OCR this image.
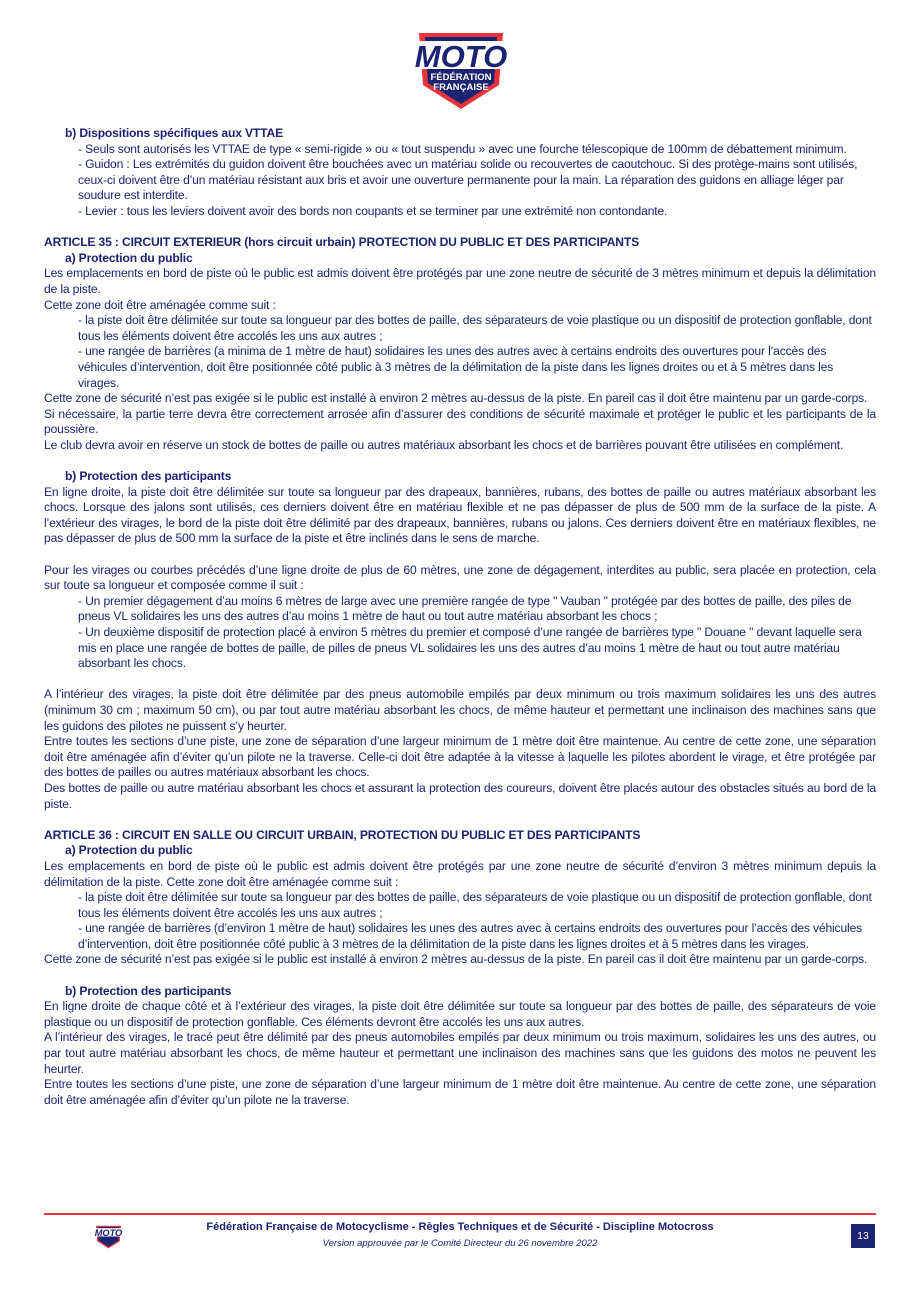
MOTO
FÉDÉRATION
FRANÇAISE

b) Dispositions spécifiques aux VTTAE

- Seuls sont autorisés les VTTAE de type « semi-rigide » ou « tout suspendu » avec une fourche télescopique de 100mm de débattement minimum.

- Guidon : Les extrémités du guidon doivent être bouchées avec un matériau solide ou recouvertes de caoutchouc. Si des protège-mains sont utilisés, ceux-ci doivent être d’un matériau résistant aux bris et avoir une ouverture permanente pour la main. La réparation des guidons en alliage léger par soudure est interdite.

- Levier : tous les leviers doivent avoir des bords non coupants et se terminer par une extrémité non contondante.

ARTICLE 35 : CIRCUIT EXTERIEUR (hors circuit urbain) PROTECTION DU PUBLIC ET DES PARTICIPANTS

a) Protection du public

Les emplacements en bord de piste où le public est admis doivent être protégés par une zone neutre de sécurité de 3 mètres minimum et depuis la délimitation de la piste.

Cette zone doit être aménagée comme suit :

- la piste doit être délimitée sur toute sa longueur par des bottes de paille, des séparateurs de voie plastique ou un dispositif de protection gonflable, dont tous les éléments doivent être accolés les uns aux autres ;

- une rangée de barrières (a minima de 1 mètre de haut) solidaires les unes des autres avec à certains endroits des ouvertures pour l’accès des véhicules d’intervention, doit être positionnée côté public à 3 mètres de la délimitation de la piste dans les lignes droites ou et à 5 mètres dans les virages.

Cette zone de sécurité n’est pas exigée si le public est installé à environ 2 mètres au-dessus de la piste. En pareil cas il doit être maintenu par un garde-corps.

Si nécessaire, la partie terre devra être correctement arrosée afin d’assurer des conditions de sécurité maximale et protéger le public et les participants de la poussière.

Le club devra avoir en réserve un stock de bottes de paille ou autres matériaux absorbant les chocs et de barrières pouvant être utilisées en complément.

b) Protection des participants

En ligne droite, la piste doit être délimitée sur toute sa longueur par des drapeaux, bannières, rubans, des bottes de paille ou autres matériaux absorbant les chocs. Lorsque des jalons sont utilisés, ces derniers doivent être en matériau flexible et ne pas dépasser de plus de 500 mm de la surface de la piste. A l’extérieur des virages, le bord de la piste doit être délimité par des drapeaux, bannières, rubans ou jalons. Ces derniers doivent être en matériaux flexibles, ne pas dépasser de plus de 500 mm la surface de la piste et être inclinés dans le sens de marche.

Pour les virages ou courbes précédés d’une ligne droite de plus de 60 mètres, une zone de dégagement, interdites au public, sera placée en protection, cela sur toute sa longueur et composée comme il suit :

- Un premier dégagement d’au moins 6 mètres de large avec une première rangée de type " Vauban " protégée par des bottes de paille, des piles de pneus VL solidaires les uns des autres d’au moins 1 mètre de haut ou tout autre matériau absorbant les chocs ;

- Un deuxième dispositif de protection placé à environ 5 mètres du premier et composé d’une rangée de barrières type " Douane " devant laquelle sera mis en place une rangée de bottes de paille, de pilles de pneus VL solidaires les uns des autres d’au moins 1 mètre de haut ou tout autre matériau absorbant les chocs.

A l’intérieur des virages, la piste doit être délimitée par des pneus automobile empilés par deux minimum ou trois maximum solidaires les uns des autres (minimum 30 cm ; maximum 50 cm), ou par tout autre matériau absorbant les chocs, de même hauteur et permettant une inclinaison des machines sans que les guidons des pilotes ne puissent s’y heurter.

Entre toutes les sections d’une piste, une zone de séparation d’une largeur minimum de 1 mètre doit être maintenue. Au centre de cette zone, une séparation doit être aménagée afin d’éviter qu’un pilote ne la traverse. Celle-ci doit être adaptée à la vitesse à laquelle les pilotes abordent le virage, et être protégée par des bottes de pailles ou autres matériaux absorbant les chocs.

Des bottes de paille ou autre matériau absorbant les chocs et assurant la protection des coureurs, doivent être placés autour des obstacles situés au bord de la piste.

ARTICLE 36 : CIRCUIT EN SALLE OU CIRCUIT URBAIN, PROTECTION DU PUBLIC ET DES PARTICIPANTS

a) Protection du public

Les emplacements en bord de piste où le public est admis doivent être protégés par une zone neutre de sécurité d’environ 3 mètres minimum depuis la délimitation de la piste. Cette zone doit être aménagée comme suit :

- la piste doit être délimitée sur toute sa longueur par des bottes de paille, des séparateurs de voie plastique ou un dispositif de protection gonflable, dont tous les éléments doivent être accolés les uns aux autres ;

- une rangée de barrières (d’environ 1 mètre de haut) solidaires les unes des autres avec à certains endroits des ouvertures pour l’accès des véhicules d’intervention, doit être positionnée côté public à 3 mètres de la délimitation de la piste dans les lignes droites et à 5 mètres dans les virages.

Cette zone de sécurité n’est pas exigée si le public est installé à environ 2 mètres au-dessus de la piste. En pareil cas il doit être maintenu par un garde-corps.

b) Protection des participants

En ligne droite de chaque côté et à l’extérieur des virages, la piste doit être délimitée sur toute sa longueur par des bottes de paille, des séparateurs de voie plastique ou un dispositif de protection gonflable. Ces éléments devront être accolés les uns aux autres.

A l’intérieur des virages, le tracé peut être délimité par des pneus automobiles empilés par deux minimum ou trois maximum, solidaires les uns des autres, ou par tout autre matériau absorbant les chocs, de même hauteur et permettant une inclinaison des machines sans que les guidons des motos ne peuvent les heurter.

Entre toutes les sections d’une piste, une zone de séparation d’une largeur minimum de 1 mètre doit être maintenue. Au centre de cette zone, une séparation doit être aménagée afin d’éviter qu’un pilote ne la traverse.

MOTO	Fédération Française de Motocyclisme - Règles Techniques et de Sécurité - Discipline Motocross
Version approuvée par le Comité Directeur du 26 novembre 2022
13
